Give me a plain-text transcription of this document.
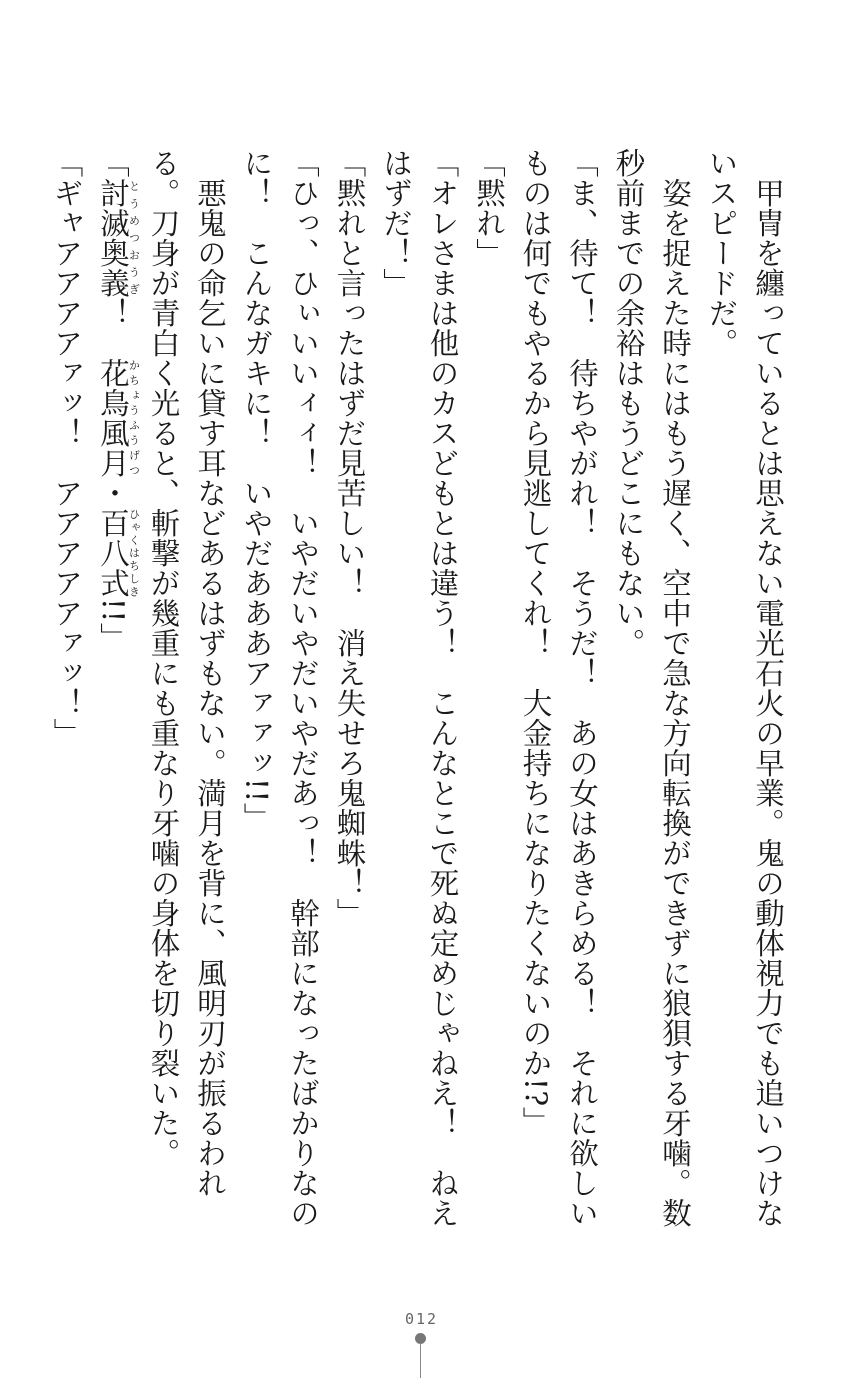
甲冑を纏っているとは思えない電光石火の早業。鬼の動体視力でも追いつけないスピードだ。

姿を捉えた時にはもう遅く、空中で急な方向転換ができずに狼狽する牙噛。数秒前までの余裕はもうどこにもない。

「ま、待て！　待ちやがれ！　そうだ！　あの女はあきらめる！　それに欲しいものは何でもやるから見逃してくれ！　大金持ちになりたくないのか!?」

「黙れ」

「オレさまは他のカスどもとは違う！　こんなとこで死ぬ定めじゃねえ！　ねえはずだ！」

「黙れと言ったはずだ見苦しい！　消え失せろ鬼蜘蛛！」

「ひっ、ひぃいいィィ！　いやだいやだいやだあっ！　幹部になったばかりなのに！　こんなガキに！　いやだあああアァァッ!!」

悪鬼の命乞いに貸す耳などあるはずもない。満月を背に、風明刃が振るわれる。刀身が青白く光ると、斬撃が幾重にも重なり牙噛の身体を切り裂いた。

「討滅奥義とうめつおうぎ！　花鳥風月かちょうふうげつ・百八式ひゃくはちしき!!」

「ギャアアアアァッ！　アアアアアァッ！」

012
